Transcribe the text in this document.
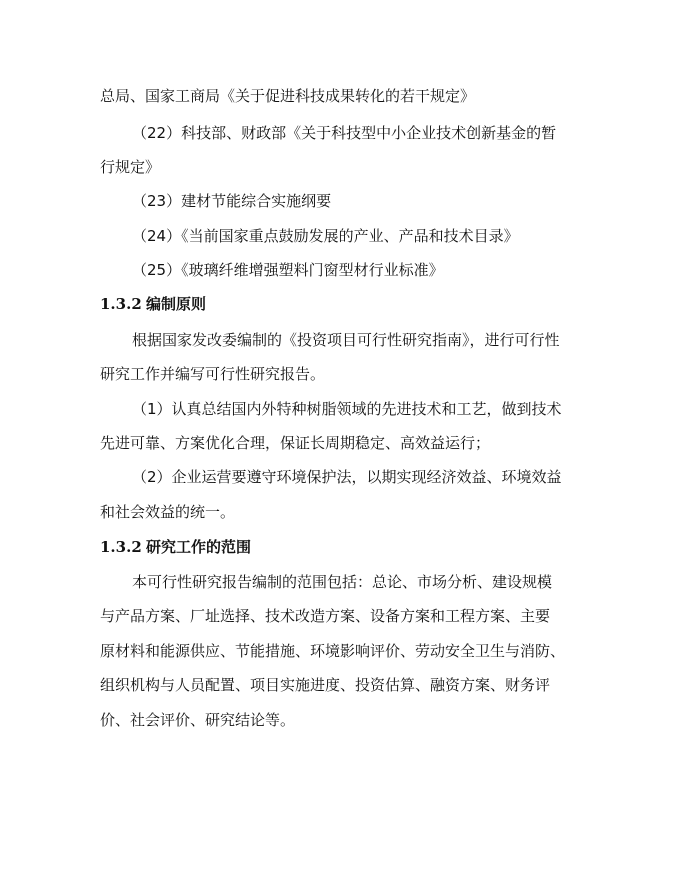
总局、国家工商局《关于促进科技成果转化的若干规定》
（22）科技部、财政部《关于科技型中小企业技术创新基金的暂
行规定》
（23）建材节能综合实施纲要
（24）《当前国家重点鼓励发展的产业、产品和技术目录》
（25）《玻璃纤维增强塑料门窗型材行业标准》
1.3.2 编制原则
根据国家发改委编制的《投资项目可行性研究指南》，进行可行性
研究工作并编写可行性研究报告。
（1）认真总结国内外特种树脂领域的先进技术和工艺，做到技术
先进可靠、方案优化合理，保证长周期稳定、高效益运行；
（2）企业运营要遵守环境保护法，以期实现经济效益、环境效益
和社会效益的统一。
1.3.2 研究工作的范围
本可行性研究报告编制的范围包括：总论、市场分析、建设规模
与产品方案、厂址选择、技术改造方案、设备方案和工程方案、主要
原材料和能源供应、节能措施、环境影响评价、劳动安全卫生与消防、
组织机构与人员配置、项目实施进度、投资估算、融资方案、财务评
价、社会评价、研究结论等。
